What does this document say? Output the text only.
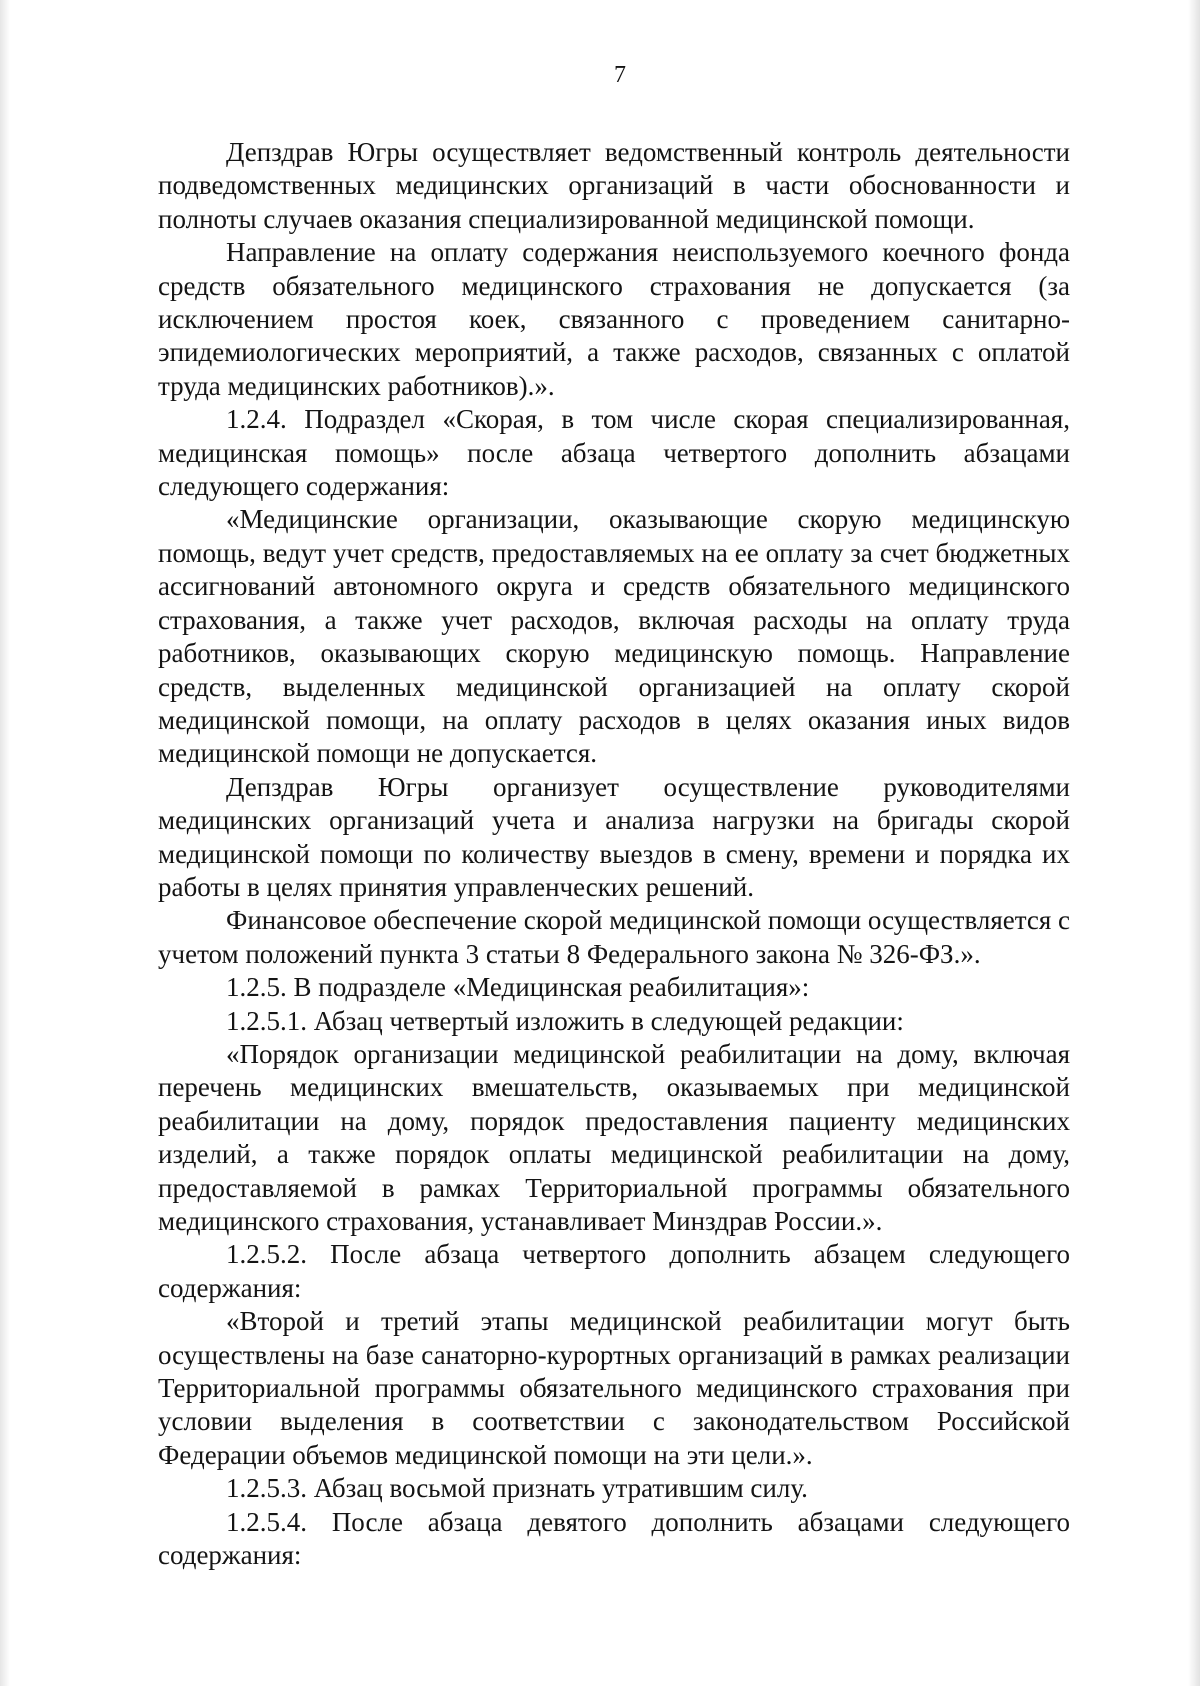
7

Депздрав Югры осуществляет ведомственный контроль деятельности подведомственных медицинских организаций в части обоснованности и полноты случаев оказания специализированной медицинской помощи.

Направление на оплату содержания неиспользуемого коечного фонда средств обязательного медицинского страхования не допускается (за исключением простоя коек, связанного с проведением санитарно-эпидемиологических мероприятий, а также расходов, связанных с оплатой труда медицинских работников).».

1.2.4. Подраздел «Скорая, в том числе скорая специализированная, медицинская помощь» после абзаца четвертого дополнить абзацами следующего содержания:

«Медицинские организации, оказывающие скорую медицинскую помощь, ведут учет средств, предоставляемых на ее оплату за счет бюджетных ассигнований автономного округа и средств обязательного медицинского страхования, а также учет расходов, включая расходы на оплату труда работников, оказывающих скорую медицинскую помощь. Направление средств, выделенных медицинской организацией на оплату скорой медицинской помощи, на оплату расходов в целях оказания иных видов медицинской помощи не допускается.

Депздрав Югры организует осуществление руководителями медицинских организаций учета и анализа нагрузки на бригады скорой медицинской помощи по количеству выездов в смену, времени и порядка их работы в целях принятия управленческих решений.

Финансовое обеспечение скорой медицинской помощи осуществляется с учетом положений пункта 3 статьи 8 Федерального закона № 326-ФЗ.».

1.2.5. В подразделе «Медицинская реабилитация»:

1.2.5.1. Абзац четвертый изложить в следующей редакции:

«Порядок организации медицинской реабилитации на дому, включая перечень медицинских вмешательств, оказываемых при медицинской реабилитации на дому, порядок предоставления пациенту медицинских изделий, а также порядок оплаты медицинской реабилитации на дому, предоставляемой в рамках Территориальной программы обязательного медицинского страхования, устанавливает Минздрав России.».

1.2.5.2. После абзаца четвертого дополнить абзацем следующего содержания:

«Второй и третий этапы медицинской реабилитации могут быть осуществлены на базе санаторно-курортных организаций в рамках реализации Территориальной программы обязательного медицинского страхования при условии выделения в соответствии с законодательством Российской Федерации объемов медицинской помощи на эти цели.».

1.2.5.3. Абзац восьмой признать утратившим силу.

1.2.5.4. После абзаца девятого дополнить абзацами следующего содержания:
